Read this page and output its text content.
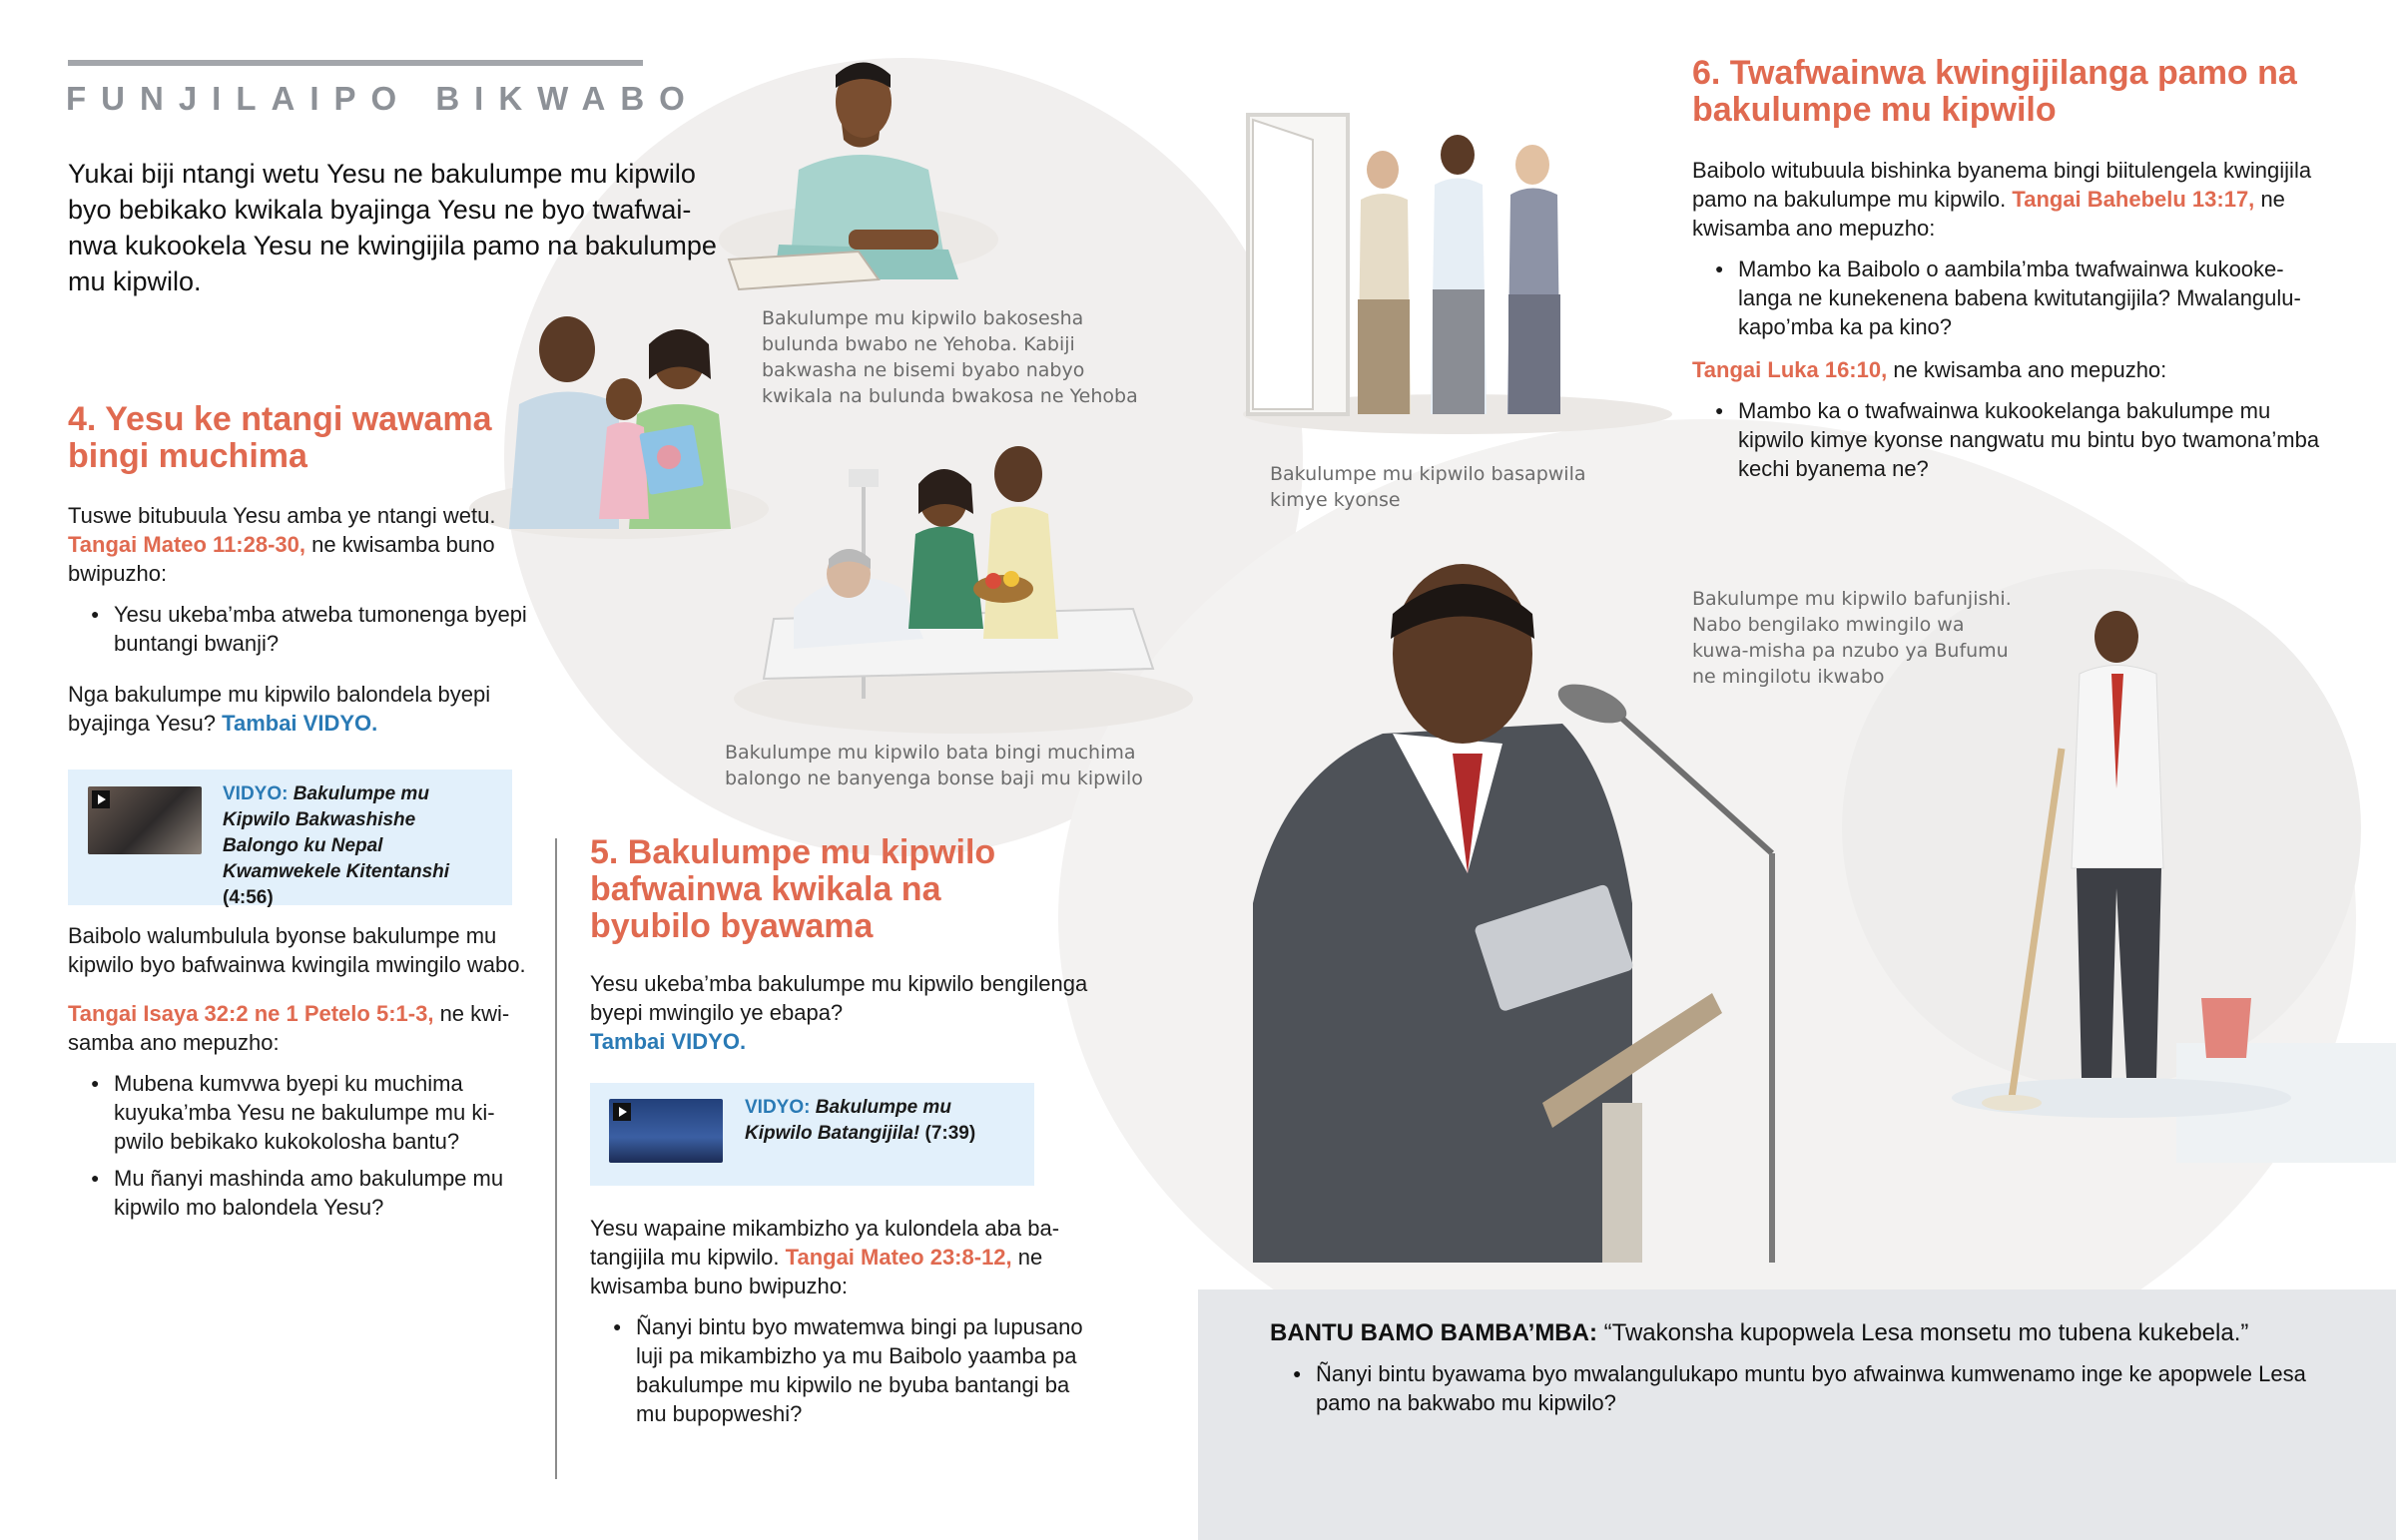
FUNJILAIPO BIKWABO
Yukai biji ntangi wetu Yesu ne bakulumpe mu kipwilo byo bebikako kwikala byajinga Yesu ne byo twafwai-nwa kukookela Yesu ne kwingijila pamo na bakulumpe mu kipwilo.
4. Yesu ke ntangi wawama bingi muchima
Tuswe bitubuula Yesu amba ye ntangi wetu.
Tangai Mateo 11:28-30, ne kwisamba buno bwipuzho:
● Yesu ukeba’mba atweba tumonenga byepi buntangi bwanji?
Nga bakulumpe mu kipwilo balondela byepi byajinga Yesu? Tambai VIDYO.
VIDYO: Bakulumpe mu Kipwilo Bakwashishe Balongo ku Nepal Kwamwekele Kitentanshi (4:56)
Baibolo walumbulula byonse bakulumpe mu kipwilo byo bafwainwa kwingila mwingilo wabo.
Tangai Isaya 32:2 ne 1 Petelo 5:1-3, ne kwi-samba ano mepuzho:
● Mubena kumvwa byepi ku muchima kuyuka’mba Yesu ne bakulumpe mu ki-pwilo bebikako kukokolosha bantu?
● Mu ñanyi mashinda amo bakulumpe mu kipwilo mo balondela Yesu?
5. Bakulumpe mu kipwilo bafwainwa kwikala na byubilo byawama
Yesu ukeba’mba bakulumpe mu kipwilo bengilenga byepi mwingilo ye ebapa?
Tambai VIDYO.
VIDYO: Bakulumpe mu Kipwilo Batangijila! (7:39)
Yesu wapaine mikambizho ya kulondela aba ba-tangijila mu kipwilo. Tangai Mateo 23:8-12, ne kwisamba buno bwipuzho:
● Ñanyi bintu byo mwatemwa bingi pa lupusano luji pa mikambizho ya mu Baibolo yaamba pa bakulumpe mu kipwilo ne byuba bantangi ba mu bupopweshi?
6. Twafwainwa kwingijilanga pamo na bakulumpe mu kipwilo
Baibolo witubuula bishinka byanema bingi biitulengela kwingijila pamo na bakulumpe mu kipwilo. Tangai Bahebelu 13:17, ne kwisamba ano mepuzho:
● Mambo ka Baibolo o aambila’mba twafwainwa kukooke-langa ne kunekenena babena kwitutangijila? Mwalangulu-kapo’mba ka pa kino?
Tangai Luka 16:10, ne kwisamba ano mepuzho:
● Mambo ka o twafwainwa kukookelanga bakulumpe mu kipwilo kimye kyonse nangwatu mu bintu byo twamona’mba kechi byanema ne?
Bakulumpe mu kipwilo bakosesha bulunda bwabo ne Yehoba. Kabiji bakwasha ne bisemi byabo nabyo kwikala na bulunda bwakosa ne Yehoba
Bakulumpe mu kipwilo bata bingi muchima balongo ne banyenga bonse baji mu kipwilo
Bakulumpe mu kipwilo basapwila kimye kyonse
Bakulumpe mu kipwilo bafunjishi. Nabo bengilako mwingilo wa kuwa-misha pa nzubo ya Bufumu ne mingilotu ikwabo
BANTU BAMO BAMBA’MBA: “Twakonsha kupopwela Lesa monsetu mo tubena kukebela.”
● Ñanyi bintu byawama byo mwalangulukapo muntu byo afwainwa kumwenamo inge ke apopwele Lesa pamo na bakwabo mu kipwilo?
